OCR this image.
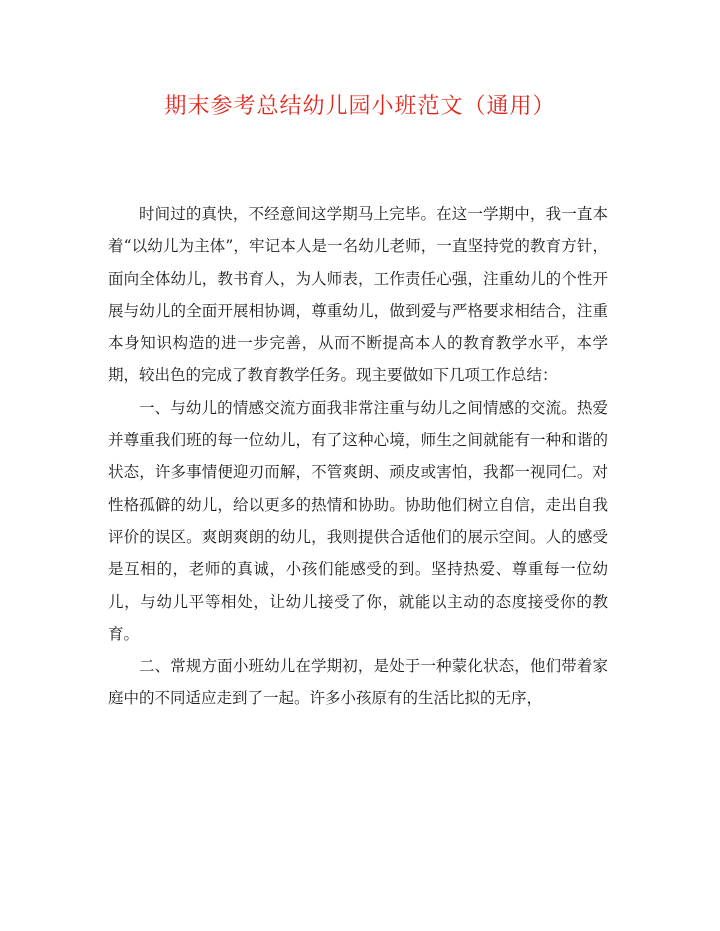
期末参考总结幼儿园小班范文（通用）

时间过的真快，不经意间这学期马上完毕。在这一学期中，我一直本着“以幼儿为主体”，牢记本人是一名幼儿老师，一直坚持党的教育方针，面向全体幼儿，教书育人，为人师表，工作责任心强，注重幼儿的个性开展与幼儿的全面开展相协调，尊重幼儿，做到爱与严格要求相结合，注重本身知识构造的进一步完善，从而不断提高本人的教育教学水平，本学期，较出色的完成了教育教学任务。现主要做如下几项工作总结：

一、与幼儿的情感交流方面我非常注重与幼儿之间情感的交流。热爱并尊重我们班的每一位幼儿，有了这种心境，师生之间就能有一种和谐的状态，许多事情便迎刃而解，不管爽朗、顽皮或害怕，我都一视同仁。对性格孤僻的幼儿，给以更多的热情和协助。协助他们树立自信，走出自我评价的误区。爽朗爽朗的幼儿，我则提供合适他们的展示空间。人的感受是互相的，老师的真诚，小孩们能感受的到。坚持热爱、尊重每一位幼儿，与幼儿平等相处，让幼儿接受了你，就能以主动的态度接受你的教育。

二、常规方面小班幼儿在学期初，是处于一种蒙化状态，他们带着家庭中的不同适应走到了一起。许多小孩原有的生活比拟的无序，
